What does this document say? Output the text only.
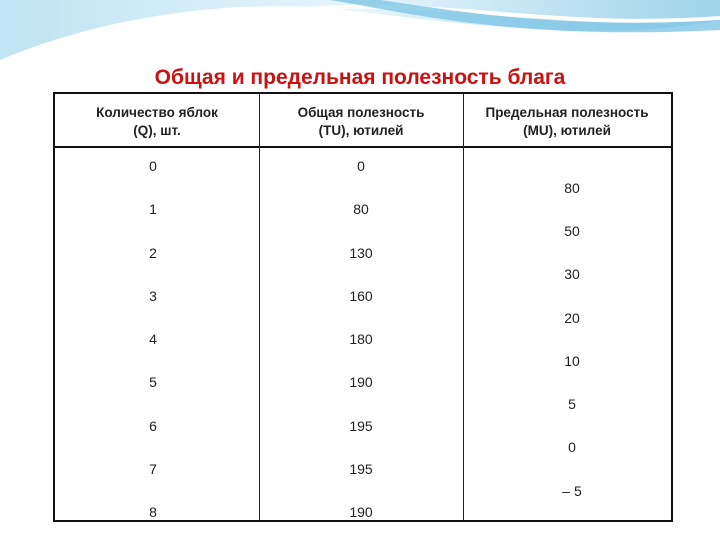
Общая и предельная полезность блага
Количество яблок
(Q), шт.
Общая полезность
(TU), ютилей
Предельная полезность
(MU), ютилей
0
1
2
3
4
5
6
7
8
0
80
130
160
180
190
195
195
190
80
50
30
20
10
5
0
– 5
